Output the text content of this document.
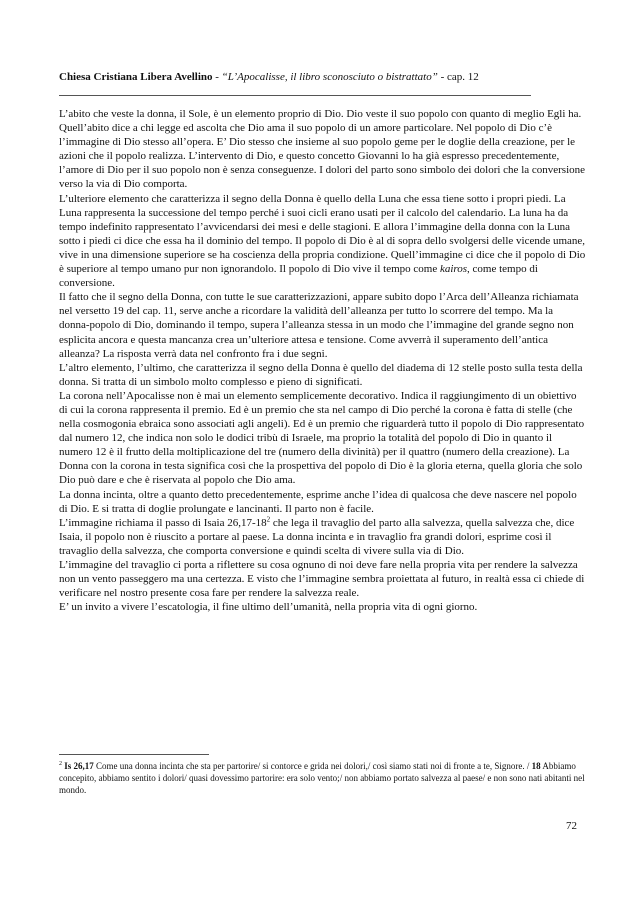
Chiesa Cristiana Libera Avellino - “L’Apocalisse, il libro sconosciuto o bistrattato” - cap. 12

L’abito che veste la donna, il Sole, è un elemento proprio di Dio. Dio veste il suo popolo con quanto di meglio Egli ha. Quell’abito dice a chi legge ed ascolta che Dio ama il suo popolo di un amore particolare. Nel popolo di Dio c’è l’immagine di Dio stesso all’opera. E’ Dio stesso che insieme al suo popolo geme per le doglie della creazione, per le azioni che il popolo realizza. L’intervento di Dio, e questo concetto Giovanni lo ha già espresso precedentemente, l’amore di Dio per il suo popolo non è senza conseguenze. I dolori del parto sono simbolo dei dolori che la conversione verso la via di Dio comporta.

L’ulteriore elemento che caratterizza il segno della Donna è quello della Luna che essa tiene sotto i propri piedi. La Luna rappresenta la successione del tempo perché i suoi cicli erano usati per il calcolo del calendario. La luna ha da tempo indefinito rappresentato l’avvicendarsi dei mesi e delle stagioni. E allora l’immagine della donna con la Luna sotto i piedi ci dice che essa ha il dominio del tempo. Il popolo di Dio è al di sopra dello svolgersi delle vicende umane, vive in una dimensione superiore se ha coscienza della propria condizione. Quell’immagine ci dice che il popolo di Dio è superiore al tempo umano pur non ignorandolo. Il popolo di Dio vive il tempo come kairos, come tempo di conversione.

Il fatto che il segno della Donna, con tutte le sue caratterizzazioni, appare subito dopo l’Arca dell’Alleanza richiamata nel versetto 19 del cap. 11, serve anche a ricordare la validità dell’alleanza per tutto lo scorrere del tempo. Ma la donna-popolo di Dio, dominando il tempo, supera l’alleanza stessa in un modo che l’immagine del grande segno non esplicita ancora e questa mancanza crea un’ulteriore attesa e tensione. Come avverrà il superamento dell’antica alleanza? La risposta verrà data nel confronto fra i due segni.

L’altro elemento, l’ultimo, che caratterizza il segno della Donna è quello del diadema di 12 stelle posto sulla testa della donna. Si tratta di un simbolo molto complesso e pieno di significati.

La corona nell’Apocalisse non è mai un elemento semplicemente decorativo. Indica il raggiungimento di un obiettivo di cui la corona rappresenta il premio. Ed è un premio che sta nel campo di Dio perché la corona è fatta di stelle (che nella cosmogonia ebraica sono associati agli angeli). Ed è un premio che riguarderà tutto il popolo di Dio rappresentato dal numero 12, che indica non solo le dodici tribù di Israele, ma proprio la totalità del popolo di Dio in quanto il numero 12 è il frutto della moltiplicazione del tre (numero della divinità) per il quattro (numero della creazione). La Donna con la corona in testa significa così che la prospettiva del popolo di Dio è la gloria eterna, quella gloria che solo Dio può dare e che è riservata al popolo che Dio ama.

La donna incinta, oltre a quanto detto precedentemente, esprime anche l’idea di qualcosa che deve nascere nel popolo di Dio. E si tratta di doglie prolungate e lancinanti. Il parto non è facile.

L’immagine richiama il passo di Isaia $26,17-18^2$ che lega il travaglio del parto alla salvezza, quella salvezza che, dice Isaia, il popolo non è riuscito a portare al paese. La donna incinta e in travaglio fra grandi dolori, esprime così il travaglio della salvezza, che comporta conversione e quindi scelta di vivere sulla via di Dio.

L’immagine del travaglio ci porta a riflettere su cosa ognuno di noi deve fare nella propria vita per rendere la salvezza non un vento passeggero ma una certezza. E visto che l’immagine sembra proiettata al futuro, in realtà essa ci chiede di verificare nel nostro presente cosa fare per rendere la salvezza reale.

E’ un invito a vivere l’escatologia, il fine ultimo dell’umanità, nella propria vita di ogni giorno.

$^2$ Is 26,17 Come una donna incinta che sta per partorire/ si contorce e grida nei dolori,/ così siamo stati noi di fronte a te, Signore. / 18 Abbiamo concepito, abbiamo sentito i dolori/ quasi dovessimo partorire: era solo vento;/ non abbiamo portato salvezza al paese/ e non sono nati abitanti nel mondo.
72
